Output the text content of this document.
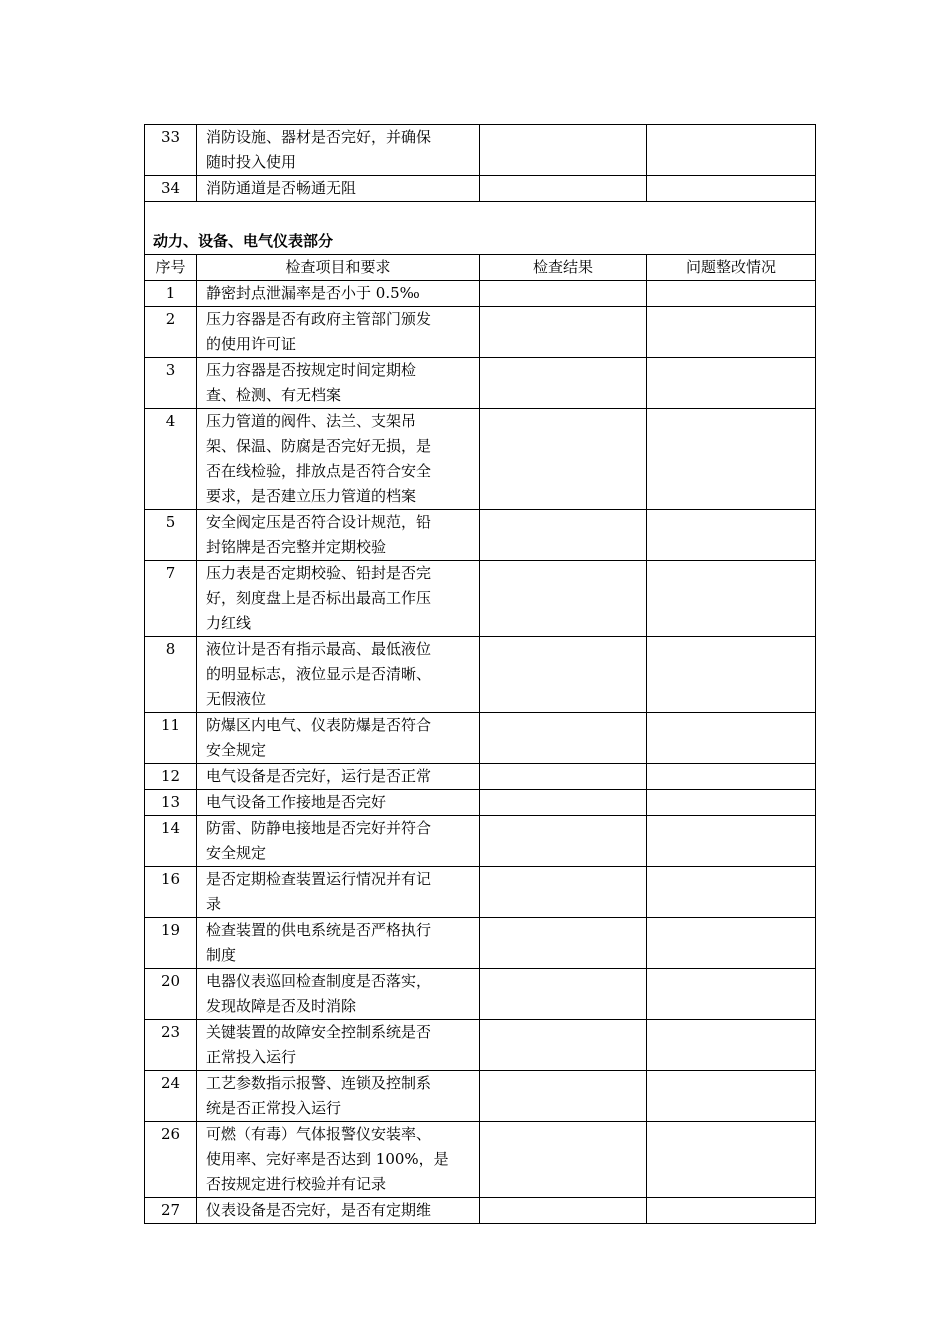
33	消防设施、器材是否完好，并确保
随时投入使用		

34	消防通道是否畅通无阻		

动力、设备、电气仪表部分			
序号	检查项目和要求	检查结果	问题整改情况
1	静密封点泄漏率是否小于 0.5‰		

2	压力容器是否有政府主管部门颁发
的使用许可证		

3	压力容器是否按规定时间定期检
查、检测、有无档案		

4	压力管道的阀件、法兰、支架吊
架、保温、防腐是否完好无损，是
否在线检验，排放点是否符合安全
要求，是否建立压力管道的档案		

5	安全阀定压是否符合设计规范，铅
封铭牌是否完整并定期校验		

7	压力表是否定期校验、铅封是否完
好，刻度盘上是否标出最高工作压
力红线		

8	液位计是否有指示最高、最低液位
的明显标志，液位显示是否清晰、
无假液位		

11	防爆区内电气、仪表防爆是否符合
安全规定		

12	电气设备是否完好，运行是否正常		

13	电气设备工作接地是否完好		

14	防雷、防静电接地是否完好并符合
安全规定		

16	是否定期检查装置运行情况并有记
录		

19	检查装置的供电系统是否严格执行
制度		

20	电器仪表巡回检查制度是否落实，
发现故障是否及时消除		

23	关键装置的故障安全控制系统是否
正常投入运行		

24	工艺参数指示报警、连锁及控制系
统是否正常投入运行		

26	可燃（有毒）气体报警仪安装率、
使用率、完好率是否达到 100%，是
否按规定进行校验并有记录		

27	仪表设备是否完好，是否有定期维		
